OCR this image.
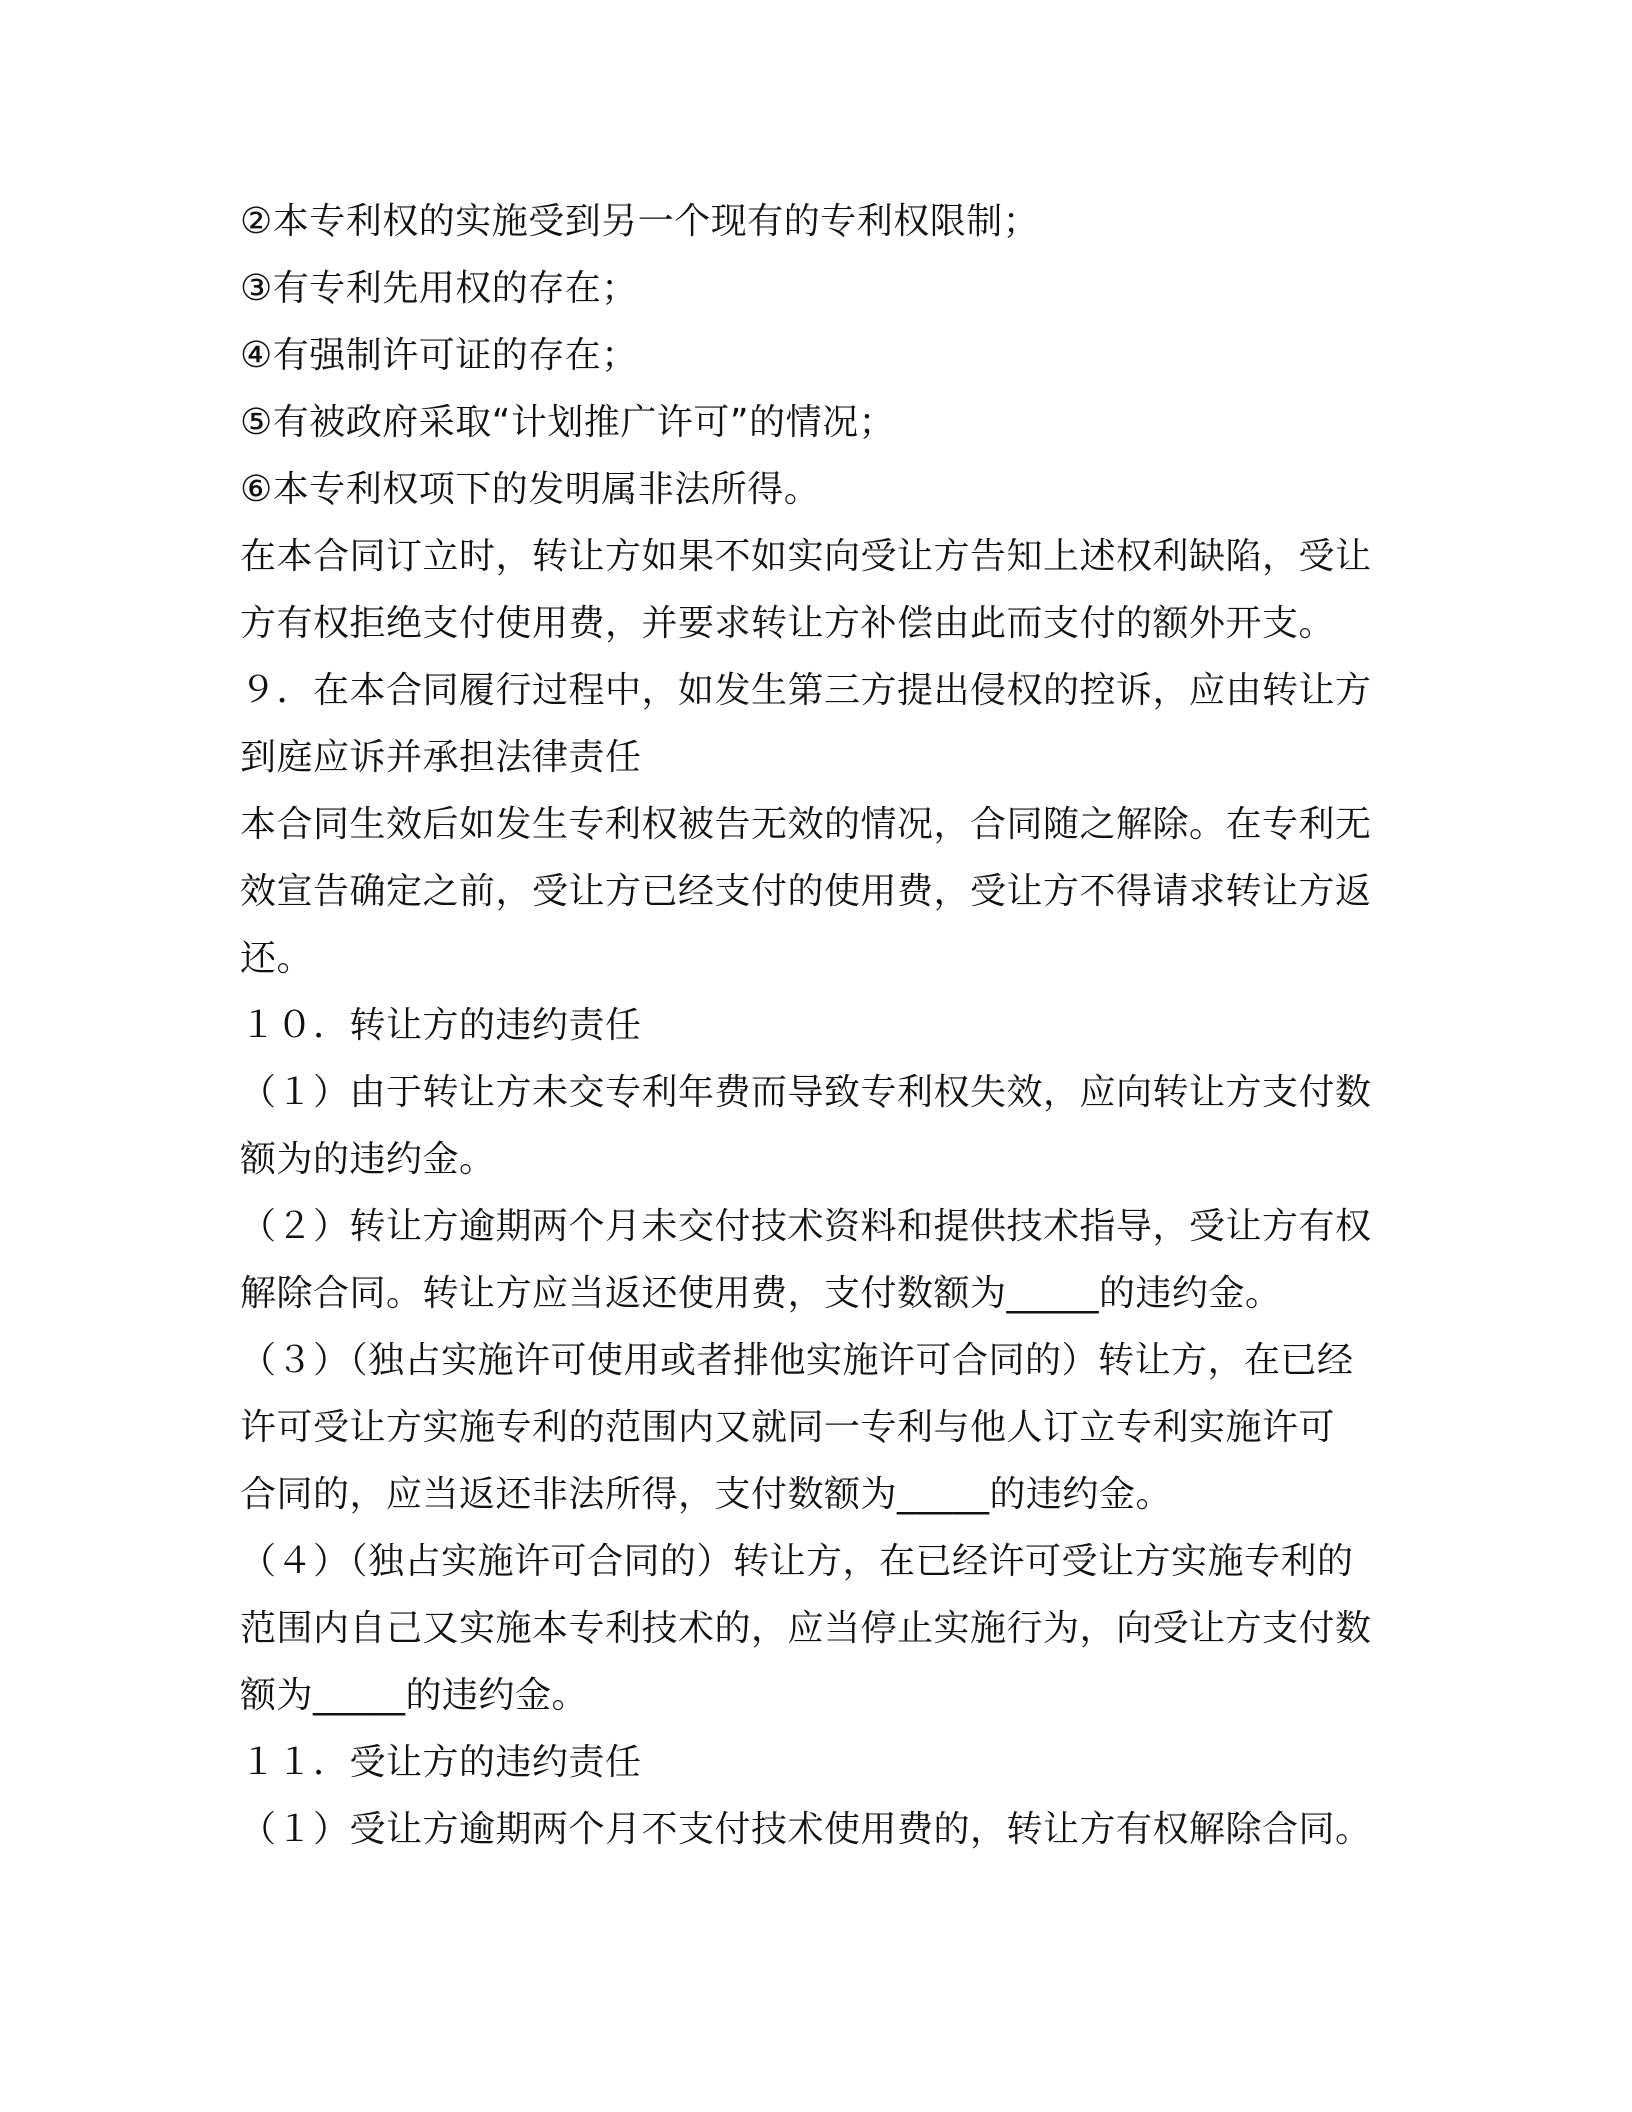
②本专利权的实施受到另一个现有的专利权限制；
③有专利先用权的存在；
④有强制许可证的存在；
⑤有被政府采取“计划推广许可”的情况；
⑥本专利权项下的发明属非法所得。
在本合同订立时，转让方如果不如实向受让方告知上述权利缺陷，受让
方有权拒绝支付使用费，并要求转让方补偿由此而支付的额外开支。
９．在本合同履行过程中，如发生第三方提出侵权的控诉，应由转让方
到庭应诉并承担法律责任
本合同生效后如发生专利权被告无效的情况，合同随之解除。在专利无
效宣告确定之前，受让方已经支付的使用费，受让方不得请求转让方返
还。
１０．转让方的违约责任
（１）由于转让方未交专利年费而导致专利权失效，应向转让方支付数
额为的违约金。
（２）转让方逾期两个月未交付技术资料和提供技术指导，受让方有权
解除合同。转让方应当返还使用费，支付数额为_____的违约金。
（３）（独占实施许可使用或者排他实施许可合同的）转让方，在已经
许可受让方实施专利的范围内又就同一专利与他人订立专利实施许可
合同的，应当返还非法所得，支付数额为_____的违约金。
（４）（独占实施许可合同的）转让方，在已经许可受让方实施专利的
范围内自己又实施本专利技术的，应当停止实施行为，向受让方支付数
额为_____的违约金。
１１．受让方的违约责任
（１）受让方逾期两个月不支付技术使用费的，转让方有权解除合同。
